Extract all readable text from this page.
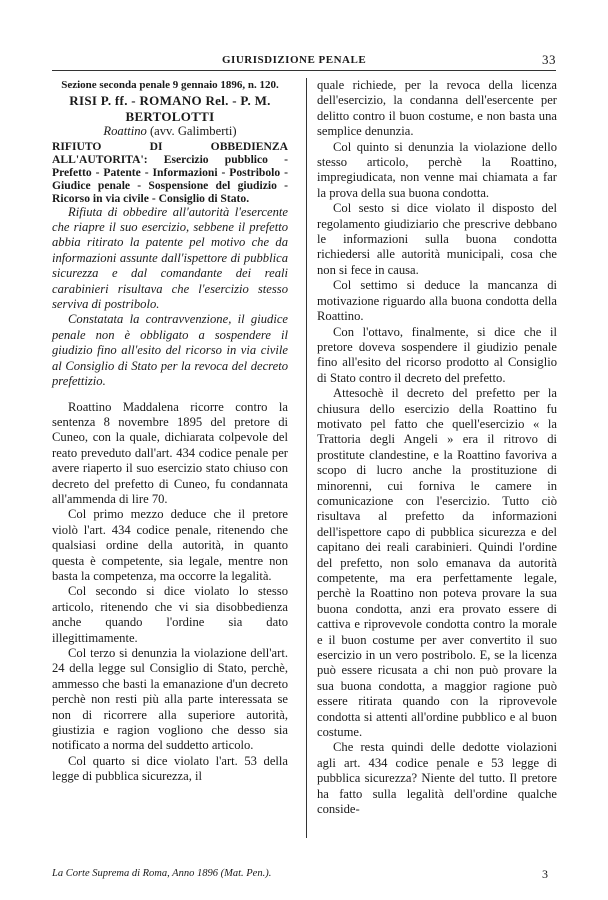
GIURISDIZIONE PENALE	33

Sezione seconda penale 9 gennaio 1896, n. 120.

RISI P. ff. - ROMANO Rel. - P. M. BERTOLOTTI

Roattino (avv. Galimberti)

RIFIUTO DI OBBEDIENZA ALL'AUTORITA': Esercizio pubblico - Prefetto - Patente - Informazioni - Postribolo - Giudice penale - Sospensione del giudizio - Ricorso in via civile - Consiglio di Stato.

Rifiuta di obbedire all'autorità l'esercente che riapre il suo esercizio, sebbene il prefetto abbia ritirato la patente pel motivo che da informazioni assunte dall'ispettore di pubblica sicurezza e dal comandante dei reali carabinieri risultava che l'esercizio stesso serviva di postribolo.

Constatata la contravvenzione, il giudice penale non è obbligato a sospendere il giudizio fino all'esito del ricorso in via civile al Consiglio di Stato per la revoca del decreto prefettizio.

Roattino Maddalena ricorre contro la sentenza 8 novembre 1895 del pretore di Cuneo, con la quale, dichiarata colpevole del reato preveduto dall'art. 434 codice penale per avere riaperto il suo esercizio stato chiuso con decreto del prefetto di Cuneo, fu condannata all'ammenda di lire 70.

Col primo mezzo deduce che il pretore violò l'art. 434 codice penale, ritenendo che qualsiasi ordine della autorità, in quanto questa è competente, sia legale, mentre non basta la competenza, ma occorre la legalità.

Col secondo si dice violato lo stesso articolo, ritenendo che vi sia disobbedienza anche quando l'ordine sia dato illegittimamente.

Col terzo si denunzia la violazione dell'art. 24 della legge sul Consiglio di Stato, perchè, ammesso che basti la emanazione d'un decreto perchè non resti più alla parte interessata se non di ricorrere alla superiore autorità, giustizia e ragion vogliono che desso sia notificato a norma del suddetto articolo.

Col quarto si dice violato l'art. 53 della legge di pubblica sicurezza, il

quale richiede, per la revoca della licenza dell'esercizio, la condanna dell'esercente per delitto contro il buon costume, e non basta una semplice denunzia.

Col quinto si denunzia la violazione dello stesso articolo, perchè la Roattino, impregiudicata, non venne mai chiamata a far la prova della sua buona condotta.

Col sesto si dice violato il disposto del regolamento giudiziario che prescrive debbano le informazioni sulla buona condotta richiedersi alle autorità municipali, cosa che non si fece in causa.

Col settimo si deduce la mancanza di motivazione riguardo alla buona condotta della Roattino.

Con l'ottavo, finalmente, si dice che il pretore doveva sospendere il giudizio penale fino all'esito del ricorso prodotto al Consiglio di Stato contro il decreto del prefetto.

Attesochè il decreto del prefetto per la chiusura dello esercizio della Roattino fu motivato pel fatto che quell'esercizio « la Trattoria degli Angeli » era il ritrovo di prostitute clandestine, e la Roattino favoriva a scopo di lucro anche la prostituzione di minorenni, cui forniva le camere in comunicazione con l'esercizio. Tutto ciò risultava al prefetto da informazioni dell'ispettore capo di pubblica sicurezza e del capitano dei reali carabinieri. Quindi l'ordine del prefetto, non solo emanava da autorità competente, ma era perfettamente legale, perchè la Roattino non poteva provare la sua buona condotta, anzi era provato essere di cattiva e riprovevole condotta contro la morale e il buon costume per aver convertito il suo esercizio in un vero postribolo. E, se la licenza può essere ricusata a chi non può provare la sua buona condotta, a maggior ragione può essere ritirata quando con la riprovevole condotta si attenti all'ordine pubblico e al buon costume.

Che resta quindi delle dedotte violazioni agli art. 434 codice penale e 53 legge di pubblica sicurezza? Niente del tutto. Il pretore ha fatto sulla legalità dell'ordine qualche conside-

La Corte Suprema di Roma, Anno 1896 (Mat. Pen.).	3
